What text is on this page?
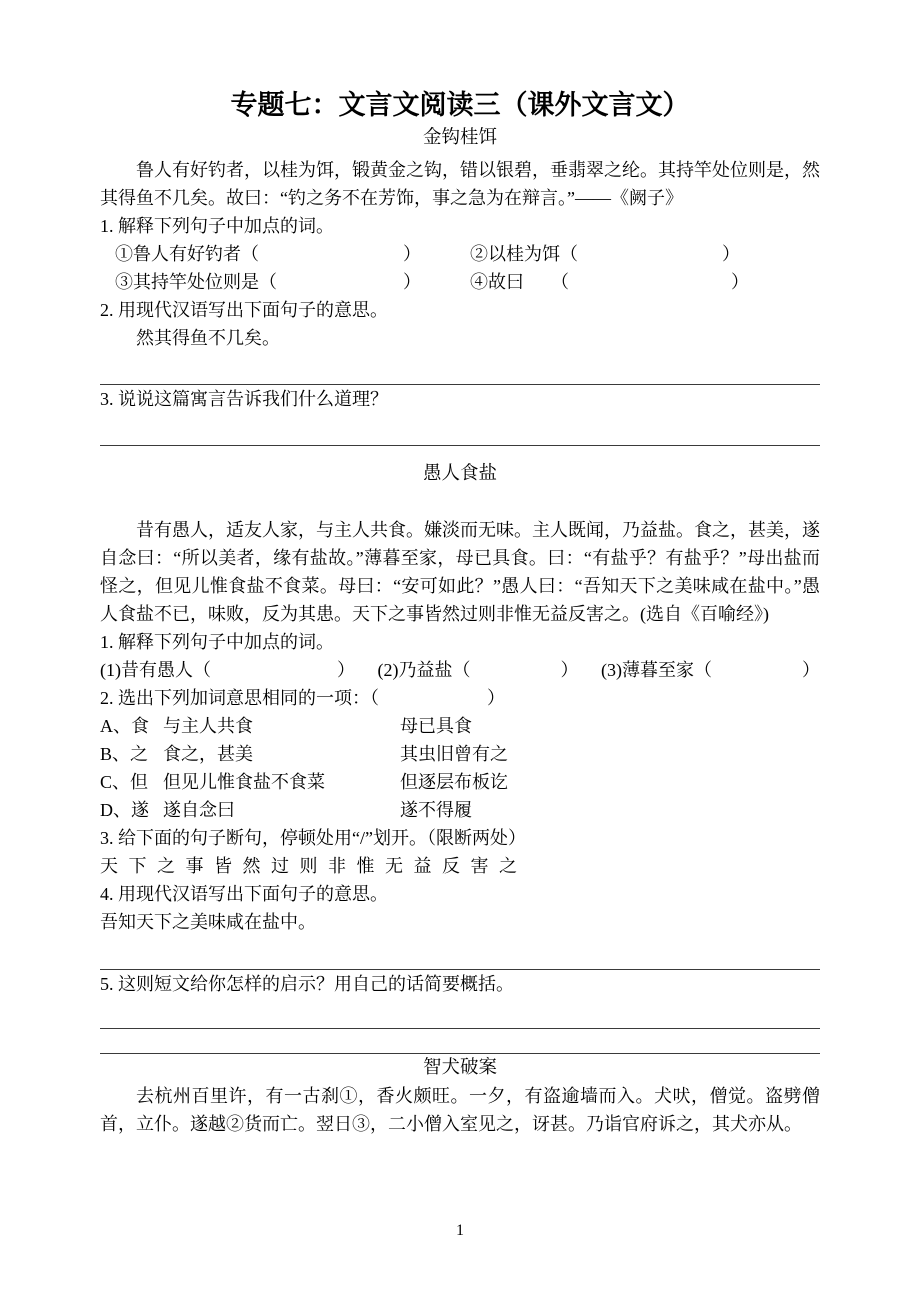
专题七：文言文阅读三（课外文言文）
金钩桂饵

鲁人有好钓者，以桂为饵，锻黄金之钩，错以银碧，垂翡翠之纶。其持竿处位则是，然其得鱼不几矣。故曰：“钓之务不在芳饰，事之急为在辩言。”——《阙子》

1. 解释下列句子中加点的词。
①鲁人有好钓者（　　　　　　　　）	②以桂为饵（　　　　　　　　）
③其持竿处位则是（　　　　　　　）	④故曰　　（　　　　　　　　　）
2. 用现代汉语写出下面句子的意思。
然其得鱼不几矣。
3. 说说这篇寓言告诉我们什么道理？
愚人食盐

昔有愚人，适友人家，与主人共食。嫌淡而无味。主人既闻，乃益盐。食之，甚美，遂自念曰：“所以美者，缘有盐故。”薄暮至家，母已具食。曰：“有盐乎？有盐乎？”母出盐而怪之，但见儿惟食盐不食菜。母曰：“安可如此？”愚人曰：“吾知天下之美味咸在盐中。”愚人食盐不已，味败，反为其患。天下之事皆然过则非惟无益反害之。(选自《百喻经》)

1. 解释下列句子中加点的词。
(1)昔有愚人（　　　　　　　） (2)乃益盐（　　　　　） (3)薄暮至家（　　　　　）
2. 选出下列加词意思相同的一项：（　　　　　　）
A、食 与主人共食	母已具食
B、之 食之，甚美	其虫旧曾有之
C、但 但见儿惟食盐不食菜	但逐层布板讫
D、遂 遂自念曰	遂不得履
3. 给下面的句子断句，停顿处用“/”划开。（限断两处）
天 下 之 事 皆 然 过 则 非 惟 无 益 反 害 之
4. 用现代汉语写出下面句子的意思。
吾知天下之美味咸在盐中。
5. 这则短文给你怎样的启示？用自己的话简要概括。
智犬破案

去杭州百里许，有一古刹①，香火颇旺。一夕，有盗逾墙而入。犬吠，僧觉。盗劈僧首，立仆。遂越②货而亡。翌日③，二小僧入室见之，讶甚。乃诣官府诉之，其犬亦从。

1
